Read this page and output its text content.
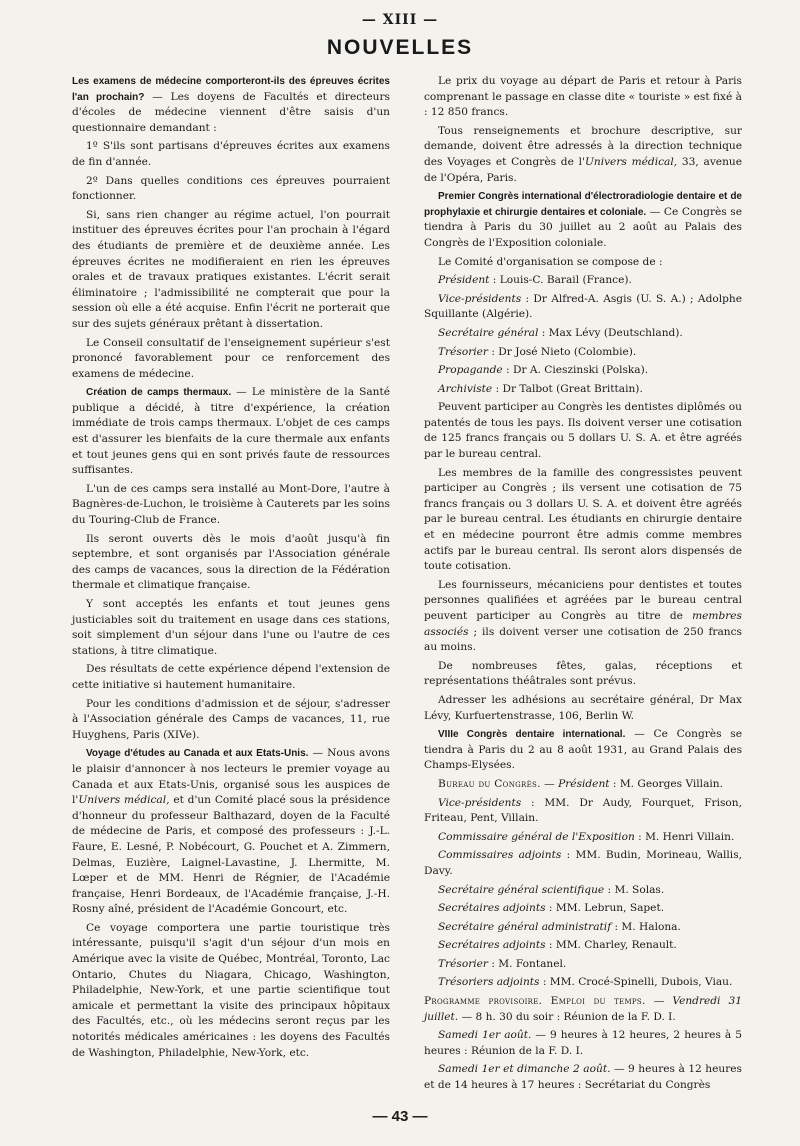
— XIII —
NOUVELLES

Les examens de médecine comporteront-ils des épreuves écrites l'an prochain? — Les doyens de Facultés et directeurs d'écoles de médecine viennent d'être saisis d'un questionnaire demandant :

1º S'ils sont partisans d'épreuves écrites aux examens de fin d'année.

2º Dans quelles conditions ces épreuves pourraient fonctionner.

Si, sans rien changer au régime actuel, l'on pourrait instituer des épreuves écrites pour l'an prochain à l'égard des étudiants de première et de deuxième année. Les épreuves écrites ne modifieraient en rien les épreuves orales et de travaux pratiques existantes. L'écrit serait éliminatoire ; l'admissibilité ne compterait que pour la session où elle a été acquise. Enfin l'écrit ne porterait que sur des sujets généraux prêtant à dissertation.

Le Conseil consultatif de l'enseignement supérieur s'est prononcé favorablement pour ce renforcement des examens de médecine.

Création de camps thermaux. — Le ministère de la Santé publique a décidé, à titre d'expérience, la création immédiate de trois camps thermaux. L'objet de ces camps est d'assurer les bienfaits de la cure thermale aux enfants et tout jeunes gens qui en sont privés faute de ressources suffisantes.

L'un de ces camps sera installé au Mont-Dore, l'autre à Bagnères-de-Luchon, le troisième à Cauterets par les soins du Touring-Club de France.

Ils seront ouverts dès le mois d'août jusqu'à fin septembre, et sont organisés par l'Association générale des camps de vacances, sous la direction de la Fédération thermale et climatique française.

Y sont acceptés les enfants et tout jeunes gens justiciables soit du traitement en usage dans ces stations, soit simplement d'un séjour dans l'une ou l'autre de ces stations, à titre climatique.

Des résultats de cette expérience dépend l'extension de cette initiative si hautement humanitaire.

Pour les conditions d'admission et de séjour, s'adresser à l'Association générale des Camps de vacances, 11, rue Huyghens, Paris (XIVe).

Voyage d'études au Canada et aux Etats-Unis. — Nous avons le plaisir d'annoncer à nos lecteurs le premier voyage au Canada et aux Etats-Unis, organisé sous les auspices de l'Univers médical, et d'un Comité placé sous la présidence d'honneur du professeur Balthazard, doyen de la Faculté de médecine de Paris, et composé des professeurs : J.-L. Faure, E. Lesné, P. Nobécourt, G. Pouchet et A. Zimmern, Delmas, Euzière, Laignel-Lavastine, J. Lhermitte, M. Lœper et de MM. Henri de Régnier, de l'Académie française, Henri Bordeaux, de l'Académie française, J.-H. Rosny aîné, président de l'Académie Goncourt, etc.

Ce voyage comportera une partie touristique très intéressante, puisqu'il s'agit d'un séjour d'un mois en Amérique avec la visite de Québec, Montréal, Toronto, Lac Ontario, Chutes du Niagara, Chicago, Washington, Philadelphie, New-York, et une partie scientifique tout amicale et permettant la visite des principaux hôpitaux des Facultés, etc., où les médecins seront reçus par les notorités médicales américaines : les doyens des Facultés de Washington, Philadelphie, New-York, etc.

Le prix du voyage au départ de Paris et retour à Paris comprenant le passage en classe dite « touriste » est fixé à : 12 850 francs.

Tous renseignements et brochure descriptive, sur demande, doivent être adressés à la direction technique des Voyages et Congrès de l'Univers médical, 33, avenue de l'Opéra, Paris.

Premier Congrès international d'électroradiologie dentaire et de prophylaxie et chirurgie dentaires et coloniale. — Ce Congrès se tiendra à Paris du 30 juillet au 2 août au Palais des Congrès de l'Exposition coloniale.

Le Comité d'organisation se compose de :

Président : Louis-C. Barail (France).

Vice-présidents : Dr Alfred-A. Asgis (U. S. A.) ; Adolphe Squillante (Algérie).

Secrétaire général : Max Lévy (Deutschland).

Trésorier : Dr José Nieto (Colombie).

Propagande : Dr A. Cieszinski (Polska).

Archiviste : Dr Talbot (Great Brittain).

Peuvent participer au Congrès les dentistes diplômés ou patentés de tous les pays. Ils doivent verser une cotisation de 125 francs français ou 5 dollars U. S. A. et être agréés par le bureau central.

Les membres de la famille des congressistes peuvent participer au Congrès ; ils versent une cotisation de 75 francs français ou 3 dollars U. S. A. et doivent être agréés par le bureau central. Les étudiants en chirurgie dentaire et en médecine pourront être admis comme membres actifs par le bureau central. Ils seront alors dispensés de toute cotisation.

Les fournisseurs, mécaniciens pour dentistes et toutes personnes qualifiées et agréées par le bureau central peuvent participer au Congrès au titre de membres associés ; ils doivent verser une cotisation de 250 francs au moins.

De nombreuses fêtes, galas, réceptions et représentations théâtrales sont prévus.

Adresser les adhésions au secrétaire général, Dr Max Lévy, Kurfuertenstrasse, 106, Berlin W.

VIIIe Congrès dentaire international. — Ce Congrès se tiendra à Paris du 2 au 8 août 1931, au Grand Palais des Champs-Elysées.

Bureau du Congrès. — Président : M. Georges Villain.

Vice-présidents : MM. Dr Audy, Fourquet, Frison, Friteau, Pent, Villain.

Commissaire général de l'Exposition : M. Henri Villain.

Commissaires adjoints : MM. Budin, Morineau, Wallis, Davy.

Secrétaire général scientifique : M. Solas.

Secrétaires adjoints : MM. Lebrun, Sapet.

Secrétaire général administratif : M. Halona.

Secrétaires adjoints : MM. Charley, Renault.

Trésorier : M. Fontanel.

Trésoriers adjoints : MM. Crocé-Spinelli, Dubois, Viau.

Programme provisoire. Emploi du temps. — Vendredi 31 juillet. — 8 h. 30 du soir : Réunion de la F. D. I.

Samedi 1er août. — 9 heures à 12 heures, 2 heures à 5 heures : Réunion de la F. D. I.

Samedi 1er et dimanche 2 août. — 9 heures à 12 heures et de 14 heures à 17 heures : Secrétariat du Congrès

— 43 —
